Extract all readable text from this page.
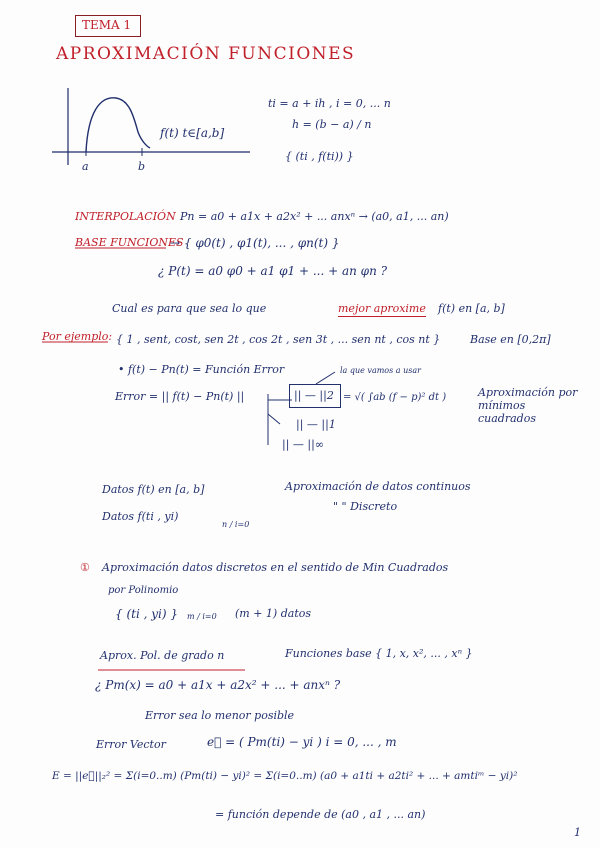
TEMA 1
APROXIMACIÓN FUNCIONES
f(t) t∈[a,b]
a	b
ti = a + ih , i = 0, ... n
h = (b − a) / n
{ (ti , f(ti)) }
INTERPOLACIÓN Pn = a0 + a1x + a2x² + ... anxⁿ → (a0, a1, ... an)
BASE FUNCIONES
→ { φ0(t) , φ1(t), ... , φn(t) }
¿ P(t) = a0 φ0 + a1 φ1 + ... + an φn ?
Cual es para que sea lo que	mejor aproxime f(t) en [a, b]
Por ejemplo: { 1 , sent, cost, sen 2t , cos 2t , sen 3t , ... sen nt , cos nt }	Base en [0,2π]
• f(t) − Pn(t) = Función Error	la que vamos a usar
Error = || f(t) − Pn(t) ||	|| — ||2 = √( ∫ab (f − p)² dt )	Aproximación por mínimos cuadrados
|| — ||1
|| — ||∞
Datos f(t) en [a, b]	Aproximación de datos continuos
Datos f(ti , yi)
n / i=0
" " Discreto
① Aproximación datos discretos en el sentido de Min Cuadrados
por Polinomio
{ (ti , yi) } m / i=0 (m + 1) datos
Aprox. Pol. de grado n	Funciones base { 1, x, x², ... , xⁿ }
¿ Pm(x) = a0 + a1x + a2x² + ... + anxⁿ ?
Error sea lo menor posible
Error Vector	e⃗ = ( Pm(ti) − yi ) i = 0, ... , m
E = ||e⃗||₂² = Σ(i=0..m) (Pm(ti) − yi)² = Σ(i=0..m) (a0 + a1ti + a2ti² + ... + amtiᵐ − yi)²
= función depende de (a0 , a1 , ... an)
1
